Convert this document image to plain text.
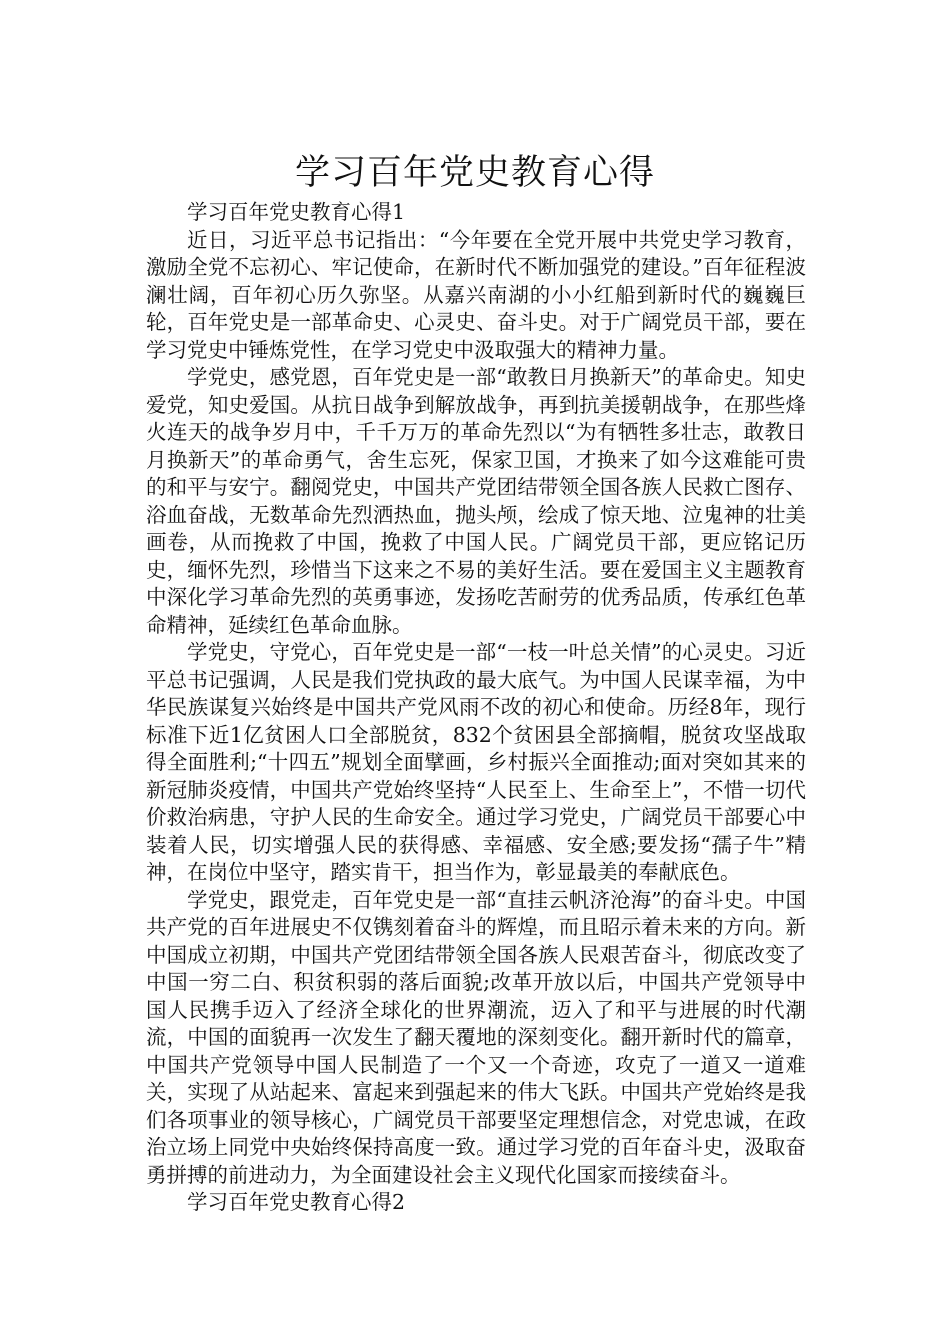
学习百年党史教育心得

学习百年党史教育心得1

近日，习近平总书记指出：“今年要在全党开展中共党史学习教育，激励全党不忘初心、牢记使命，在新时代不断加强党的建设。”百年征程波澜壮阔，百年初心历久弥坚。从嘉兴南湖的小小红船到新时代的巍巍巨轮，百年党史是一部革命史、心灵史、奋斗史。对于广阔党员干部，要在学习党史中锤炼党性，在学习党史中汲取强大的精神力量。

学党史，感党恩，百年党史是一部“敢教日月换新天”的革命史。知史爱党，知史爱国。从抗日战争到解放战争，再到抗美援朝战争，在那些烽火连天的战争岁月中，千千万万的革命先烈以“为有牺牲多壮志，敢教日月换新天”的革命勇气，舍生忘死，保家卫国，才换来了如今这难能可贵的和平与安宁。翻阅党史，中国共产党团结带领全国各族人民救亡图存、浴血奋战，无数革命先烈洒热血，抛头颅，绘成了惊天地、泣鬼神的壮美画卷，从而挽救了中国，挽救了中国人民。广阔党员干部，更应铭记历史，缅怀先烈，珍惜当下这来之不易的美好生活。要在爱国主义主题教育中深化学习革命先烈的英勇事迹，发扬吃苦耐劳的优秀品质，传承红色革命精神，延续红色革命血脉。

学党史，守党心，百年党史是一部“一枝一叶总关情”的心灵史。习近平总书记强调，人民是我们党执政的最大底气。为中国人民谋幸福，为中华民族谋复兴始终是中国共产党风雨不改的初心和使命。历经8年，现行标准下近1亿贫困人口全部脱贫，832个贫困县全部摘帽，脱贫攻坚战取得全面胜利;“十四五”规划全面擘画，乡村振兴全面推动;面对突如其来的新冠肺炎疫情，中国共产党始终坚持“人民至上、生命至上”，不惜一切代价救治病患，守护人民的生命安全。通过学习党史，广阔党员干部要心中装着人民，切实增强人民的获得感、幸福感、安全感;要发扬“孺子牛”精神，在岗位中坚守，踏实肯干，担当作为，彰显最美的奉献底色。

学党史，跟党走，百年党史是一部“直挂云帆济沧海”的奋斗史。中国共产党的百年进展史不仅镌刻着奋斗的辉煌，而且昭示着未来的方向。新中国成立初期，中国共产党团结带领全国各族人民艰苦奋斗，彻底改变了中国一穷二白、积贫积弱的落后面貌;改革开放以后，中国共产党领导中国人民携手迈入了经济全球化的世界潮流，迈入了和平与进展的时代潮流，中国的面貌再一次发生了翻天覆地的深刻变化。翻开新时代的篇章，中国共产党领导中国人民制造了一个又一个奇迹，攻克了一道又一道难关，实现了从站起来、富起来到强起来的伟大飞跃。中国共产党始终是我们各项事业的领导核心，广阔党员干部要坚定理想信念，对党忠诚，在政治立场上同党中央始终保持高度一致。通过学习党的百年奋斗史，汲取奋勇拼搏的前进动力，为全面建设社会主义现代化国家而接续奋斗。

学习百年党史教育心得2
